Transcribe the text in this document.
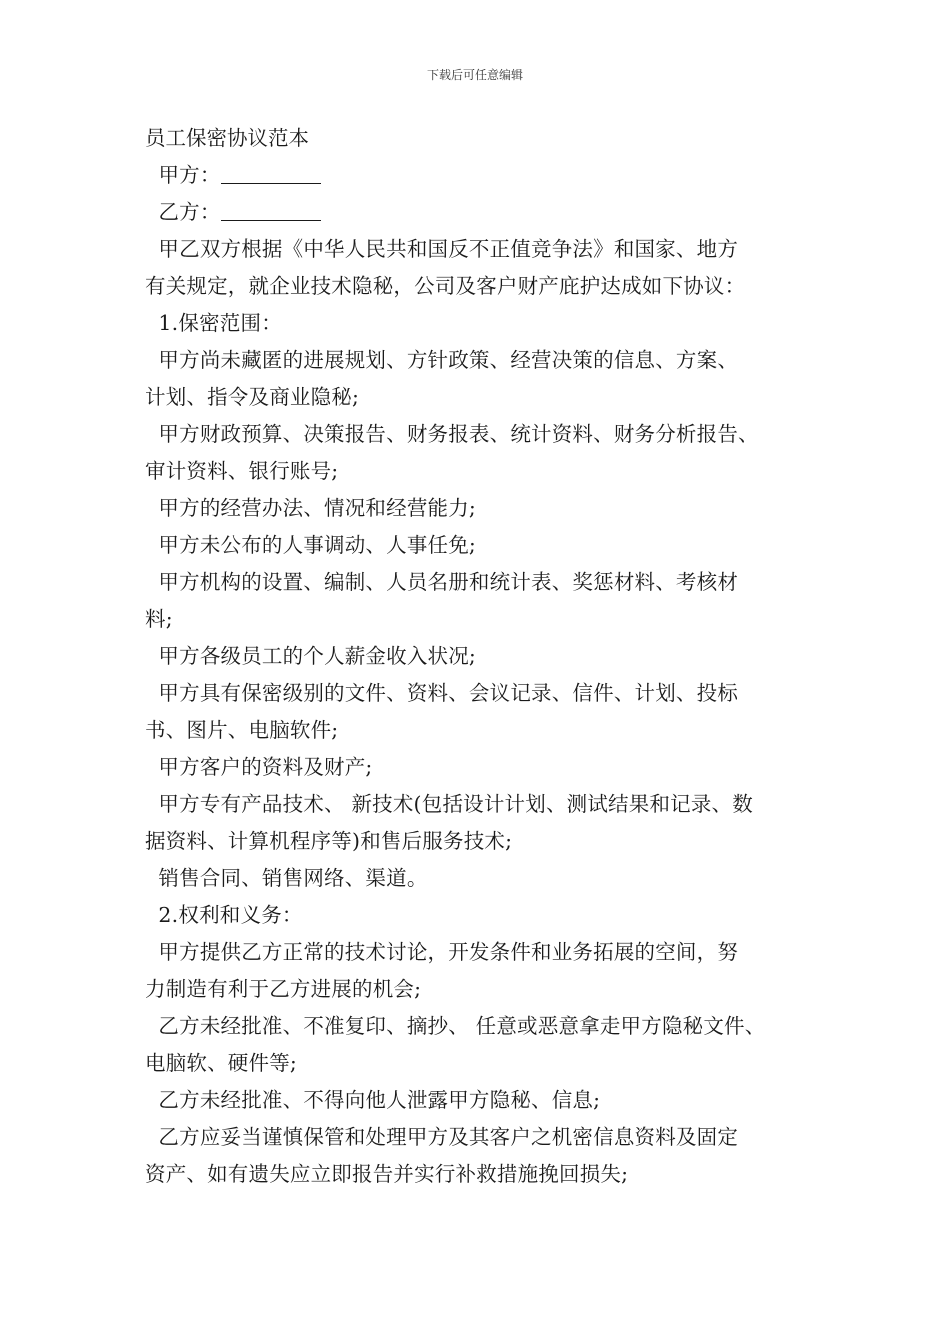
下载后可任意编辑
员工保密协议范本
甲方：
乙方：
甲乙双方根据《中华人民共和国反不正值竞争法》和国家、地方
有关规定，就企业技术隐秘，公司及客户财产庇护达成如下协议：
1.保密范围：
甲方尚未藏匿的进展规划、方针政策、经营决策的信息、方案、
计划、指令及商业隐秘;
甲方财政预算、决策报告、财务报表、统计资料、财务分析报告、
审计资料、银行账号;
甲方的经营办法、情况和经营能力;
甲方未公布的人事调动、人事任免;
甲方机构的设置、编制、人员名册和统计表、奖惩材料、考核材
料;
甲方各级员工的个人薪金收入状况;
甲方具有保密级别的文件、资料、会议记录、信件、计划、投标
书、图片、电脑软件;
甲方客户的资料及财产;
甲方专有产品技术、 新技术(包括设计计划、测试结果和记录、数
据资料、计算机程序等)和售后服务技术;
销售合同、销售网络、渠道。
2.权利和义务：
甲方提供乙方正常的技术讨论，开发条件和业务拓展的空间，努
力制造有利于乙方进展的机会;
乙方未经批准、不准复印、摘抄、 任意或恶意拿走甲方隐秘文件、
电脑软、硬件等;
乙方未经批准、不得向他人泄露甲方隐秘、信息;
乙方应妥当谨慎保管和处理甲方及其客户之机密信息资料及固定
资产、如有遗失应立即报告并实行补救措施挽回损失;
